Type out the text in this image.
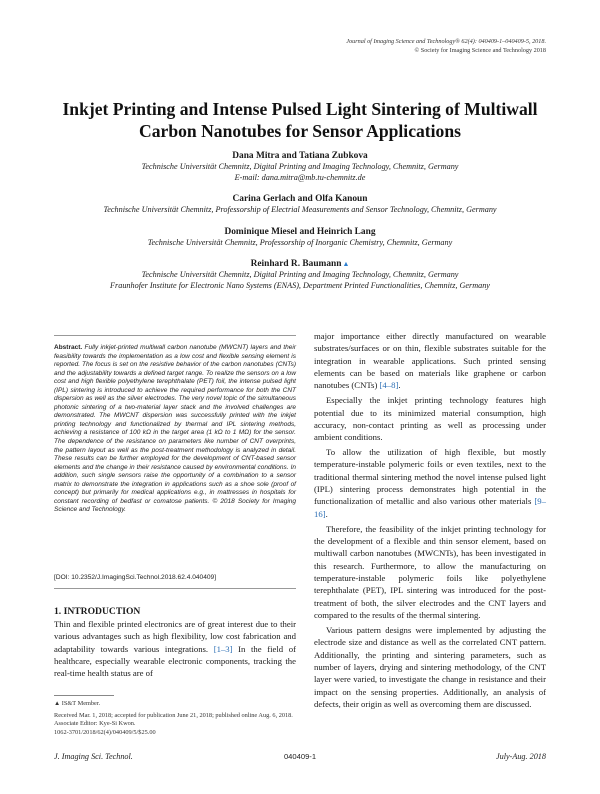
Journal of Imaging Science and Technology® 62(4): 040409-1–040409-5, 2018.
© Society for Imaging Science and Technology 2018
Inkjet Printing and Intense Pulsed Light Sintering of Multiwall Carbon Nanotubes for Sensor Applications
Dana Mitra and Tatiana Zubkova
Technische Universität Chemnitz, Digital Printing and Imaging Technology, Chemnitz, Germany
E-mail: dana.mitra@mb.tu-chemnitz.de
Carina Gerlach and Olfa Kanoun
Technische Universität Chemnitz, Professorship of Electrial Measurements and Sensor Technology, Chemnitz, Germany
Dominique Miesel and Heinrich Lang
Technische Universität Chemnitz, Professorship of Inorganic Chemistry, Chemnitz, Germany
Reinhard R. Baumann▲
Technische Universität Chemnitz, Digital Printing and Imaging Technology, Chemnitz, Germany
Fraunhofer Institute for Electronic Nano Systems (ENAS), Department Printed Functionalities, Chemnitz, Germany
Abstract. Fully inkjet-printed multiwall carbon nanotube (MWCNT) layers and their feasibility towards the implementation as a low cost and flexible sensing element is reported. The focus is set on the resistive behavior of the carbon nanotubes (CNTs) and the adjustability towards a defined target range. To realize the sensors on a low cost and high flexible polyethylene terephthalate (PET) foil, the intense pulsed light (IPL) sintering is introduced to achieve the required performance for both the CNT dispersion as well as the silver electrodes. The very novel topic of the simultaneous photonic sintering of a two-material layer stack and the involved challenges are demonstrated. The MWCNT dispersion was successfully printed with the inkjet printing technology and functionalized by thermal and IPL sintering methods, achieving a resistance of 100 kΩ in the target area (1 kΩ to 1 MΩ) for the sensor. The dependence of the resistance on parameters like number of CNT overprints, the pattern layout as well as the post-treatment methodology is analyzed in detail. These results can be further employed for the development of CNT-based sensor elements and the change in their resistance caused by environmental conditions. In addition, such single sensors raise the opportunity of a combination to a sensor matrix to demonstrate the integration in applications such as a shoe sole (proof of concept) but primarily for medical applications e.g., in mattresses in hospitals for constant recording of bedfast or comatose patients. © 2018 Society for Imaging Science and Technology.
[DOI: 10.2352/J.ImagingSci.Technol.2018.62.4.040409]
1. INTRODUCTION

Thin and flexible printed electronics are of great interest due to their various advantages such as high flexibility, low cost fabrication and adaptability towards various integrations. [1–3] In the field of healthcare, especially wearable electronic components, tracking the real-time health status are of

▲ IS&T Member.
Received Mar. 1, 2018; accepted for publication June 21, 2018; published online Aug. 6, 2018. Associate Editor: Kye-Si Kwon.
1062-3701/2018/62(4)/040409/5/$25.00

major importance either directly manufactured on wearable substrates/surfaces or on thin, flexible substrates suitable for the integration in wearable applications. Such printed sensing elements can be based on materials like graphene or carbon nanotubes (CNTs) [4–8].

Especially the inkjet printing technology features high potential due to its minimized material consumption, high accuracy, non-contact printing as well as processing under ambient conditions.

To allow the utilization of high flexible, but mostly temperature-instable polymeric foils or even textiles, next to the traditional thermal sintering method the novel intense pulsed light (IPL) sintering process demonstrates high potential in the functionalization of metallic and also various other materials [9–16].

Therefore, the feasibility of the inkjet printing technology for the development of a flexible and thin sensor element, based on multiwall carbon nanotubes (MWCNTs), has been investigated in this research. Furthermore, to allow the manufacturing on temperature-instable polymeric foils like polyethylene terephthalate (PET), IPL sintering was introduced for the post-treatment of both, the silver electrodes and the CNT layers and compared to the results of the thermal sintering.

Various pattern designs were implemented by adjusting the electrode size and distance as well as the correlated CNT pattern. Additionally, the printing and sintering parameters, such as number of layers, drying and sintering methodology, of the CNT layer were varied, to investigate the change in resistance and their impact on the sensing properties. Additionally, an analysis of defects, their origin as well as overcoming them are discussed.

J. Imaging Sci. Technol.	040409-1	July-Aug. 2018
